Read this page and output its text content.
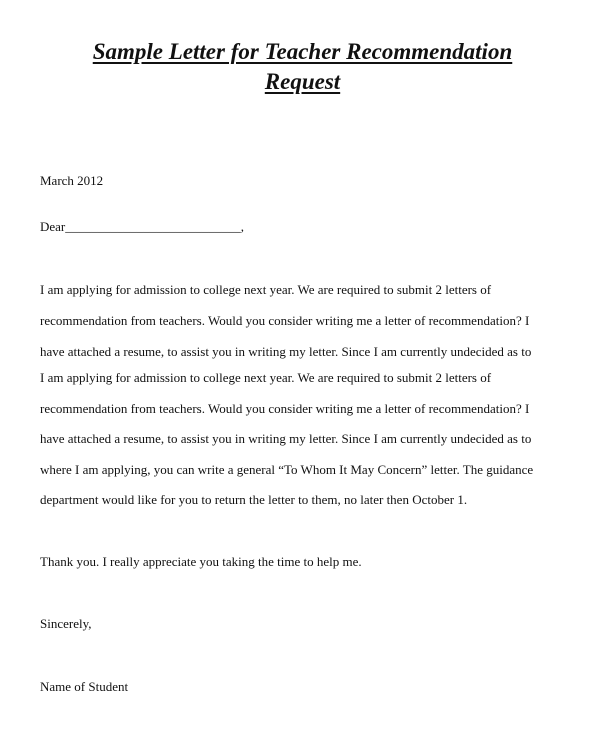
Sample Letter for Teacher Recommendation
Request
March 2012
Dear___________________________,
I am applying for admission to college next year. We are required to submit 2 letters of
recommendation from teachers. Would you consider writing me a letter of recommendation? I
have attached a resume, to assist you in writing my letter. Since I am currently undecided as to
I am applying for admission to college next year. We are required to submit 2 letters of
recommendation from teachers. Would you consider writing me a letter of recommendation? I
have attached a resume, to assist you in writing my letter. Since I am currently undecided as to
where I am applying, you can write a general “To Whom It May Concern” letter. The guidance
department would like for you to return the letter to them, no later then October 1.
Thank you. I really appreciate you taking the time to help me.
Sincerely,
Name of Student
